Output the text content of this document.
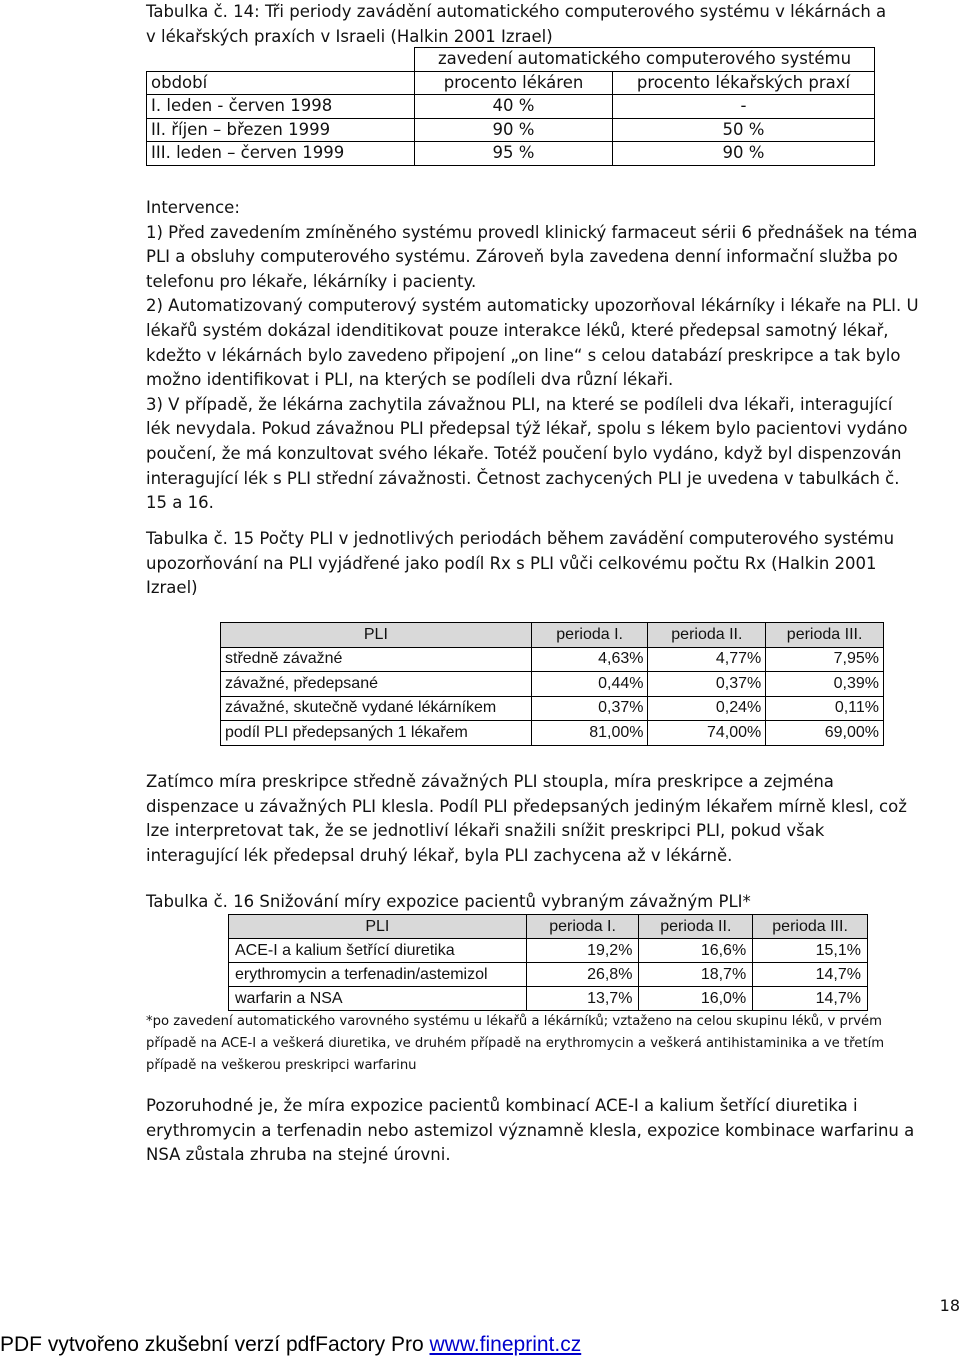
Tabulka č. 14: Tři periody zavádění automatického computerového systému v lékárnách a
v lékařských praxích v Israeli (Halkin 2001 Izrael)
	zavedení automatického computerového systému	
období	procento lékáren	procento lékařských praxí
I. leden - červen 1998	40 %	-
II. říjen – březen 1999	90 %	50 %
III. leden – červen 1999	95 %	90 %
Intervence:
1) Před zavedením zmíněného systému provedl klinický farmaceut sérii 6 přednášek na téma
PLI a obsluhy computerového systému. Zároveň byla zavedena denní informační služba po
telefonu pro lékaře, lékárníky i pacienty.
2) Automatizovaný computerový systém automaticky upozorňoval lékárníky i lékaře na PLI. U
lékařů systém dokázal idenditikovat pouze interakce léků, které předepsal samotný lékař,
kdežto v lékárnách bylo zavedeno připojení „on line“ s celou databází preskripce a tak bylo
možno identifikovat i PLI, na kterých se podíleli dva různí lékaři.
3) V případě, že lékárna zachytila závažnou PLI, na které se podíleli dva lékaři, interagující
lék nevydala. Pokud závažnou PLI předepsal týž lékař, spolu s lékem bylo pacientovi vydáno
poučení, že má konzultovat svého lékaře. Totéž poučení bylo vydáno, když byl dispenzován
interagující lék s PLI střední závažnosti. Četnost zachycených PLI je uvedena v tabulkách č.
15 a 16.
Tabulka č. 15 Počty PLI v jednotlivých periodách během zavádění computerového systému
upozorňování na PLI vyjádřené jako podíl Rx s PLI vůči celkovému počtu Rx (Halkin 2001
Izrael)
PLI	perioda I.	perioda II.	perioda III.
středně závažné	4,63%	4,77%	7,95%
závažné, předepsané	0,44%	0,37%	0,39%
závažné, skutečně vydané lékárníkem	0,37%	0,24%	0,11%
podíl PLI předepsaných 1 lékařem	81,00%	74,00%	69,00%
Zatímco míra preskripce středně závažných PLI stoupla, míra preskripce a zejména
dispenzace u závažných PLI klesla. Podíl PLI předepsaných jediným lékařem mírně klesl, což
lze interpretovat tak, že se jednotliví lékaři snažili snížit preskripci PLI, pokud však
interagující lék předepsal druhý lékař, byla PLI zachycena až v lékárně.
Tabulka č. 16 Snižování míry expozice pacientů vybraným závažným PLI*
PLI	perioda I.	perioda II.	perioda III.
ACE-I a kalium šetřící diuretika	19,2%	16,6%	15,1%
erythromycin a terfenadin/astemizol	26,8%	18,7%	14,7%
warfarin a NSA	13,7%	16,0%	14,7%
*po zavedení automatického varovného systému u lékařů a lékárníků; vztaženo na celou skupinu léků, v prvém
případě na ACE-I a veškerá diuretika, ve druhém případě na erythromycin a veškerá antihistaminika a ve třetím
případě na veškerou preskripci warfarinu
Pozoruhodné je, že míra expozice pacientů kombinací ACE-I a kalium šetřící diuretika i
erythromycin a terfenadin nebo astemizol významně klesla, expozice kombinace warfarinu a
NSA zůstala zhruba na stejné úrovni.
18
PDF vytvořeno zkušební verzí pdfFactory Pro www.fineprint.cz
